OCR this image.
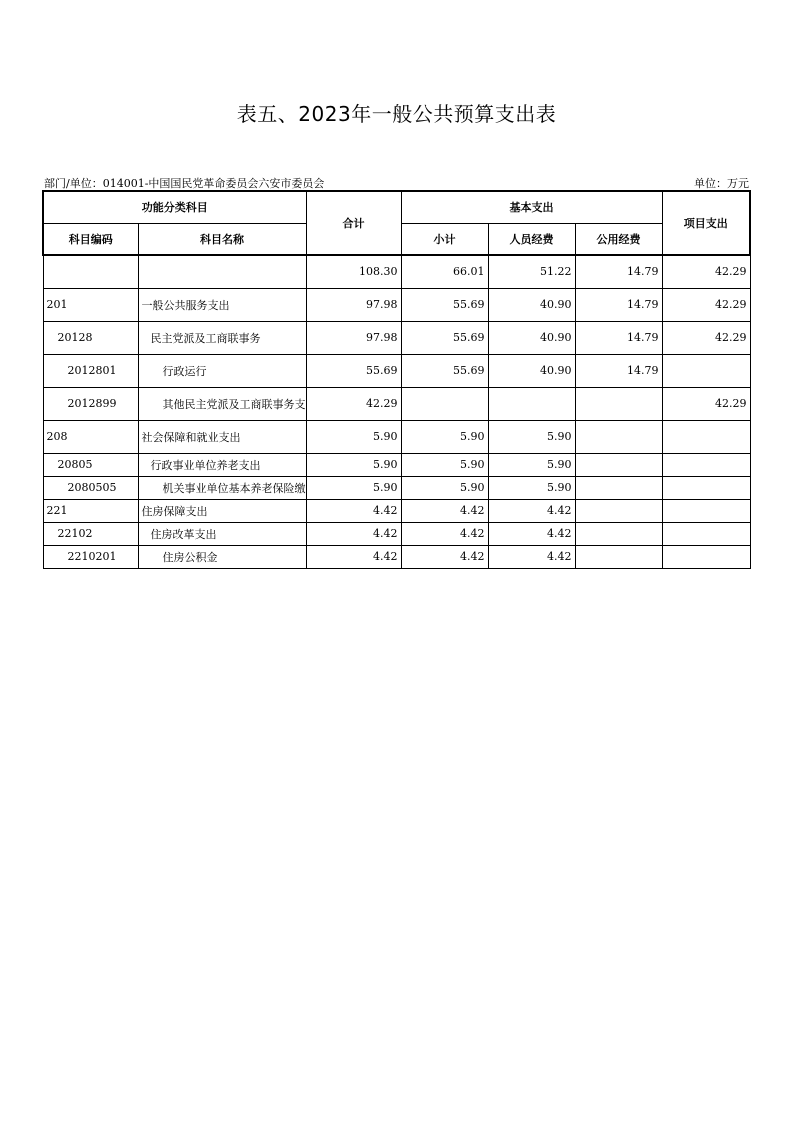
表五、2023年一般公共预算支出表
部门/单位：014001-中国国民党革命委员会六安市委员会	单位：万元
功能分类科目		合计	基本支出			项目支出
科目编码	科目名称		小计	人员经费	公用经费	
		108.30	66.01	51.22	14.79	42.29
201	一般公共服务支出	97.98	55.69	40.90	14.79	42.29
20128	民主党派及工商联事务	97.98	55.69	40.90	14.79	42.29
2012801	行政运行	55.69	55.69	40.90	14.79	
2012899	其他民主党派及工商联事务支	42.29				42.29
208	社会保障和就业支出	5.90	5.90	5.90		
20805	行政事业单位养老支出	5.90	5.90	5.90		
2080505	机关事业单位基本养老保险缴	5.90	5.90	5.90		
221	住房保障支出	4.42	4.42	4.42		
22102	住房改革支出	4.42	4.42	4.42		
2210201	住房公积金	4.42	4.42	4.42		
